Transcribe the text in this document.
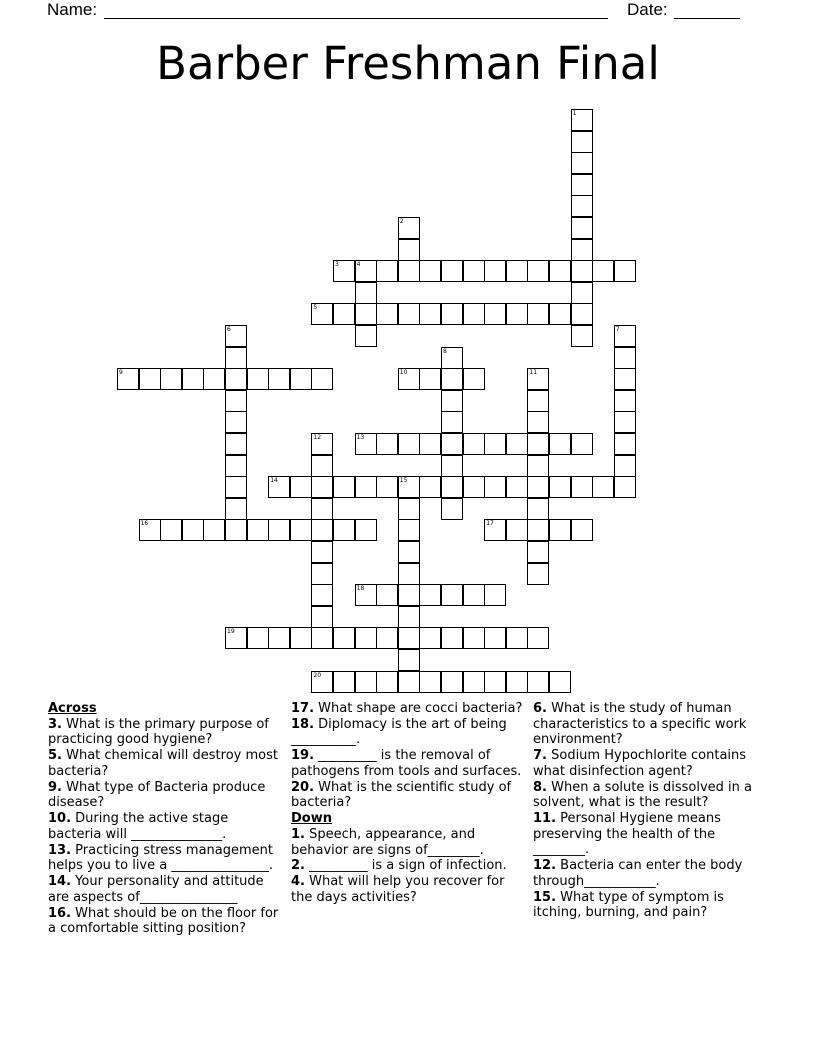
Name:	Date:
Barber Freshman Final
1
2
3	4
5
6	7
8
9	10	11
12	13
14	15
16	17
18
19
20
Across
3. What is the primary purpose of practicing good hygiene?
5. What chemical will destroy most bacteria?
9. What type of Bacteria produce disease?
10. During the active stage bacteria will ______________.
13. Practicing stress management helps you to live a _______________.
14. Your personality and attitude are aspects of_______________
16. What should be on the floor for a comfortable sitting position?
17. What shape are cocci bacteria?
18. Diplomacy is the art of being __________.
19. _________ is the removal of pathogens from tools and surfaces.
20. What is the scientific study of bacteria?
Down
1. Speech, appearance, and behavior are signs of________.
2. _________ is a sign of infection.
4. What will help you recover for the days activities?
6. What is the study of human characteristics to a specific work environment?
7. Sodium Hypochlorite contains what disinfection agent?
8. When a solute is dissolved in a solvent, what is the result?
11. Personal Hygiene means preserving the health of the ________.
12. Bacteria can enter the body through___________.
15. What type of symptom is itching, burning, and pain?
